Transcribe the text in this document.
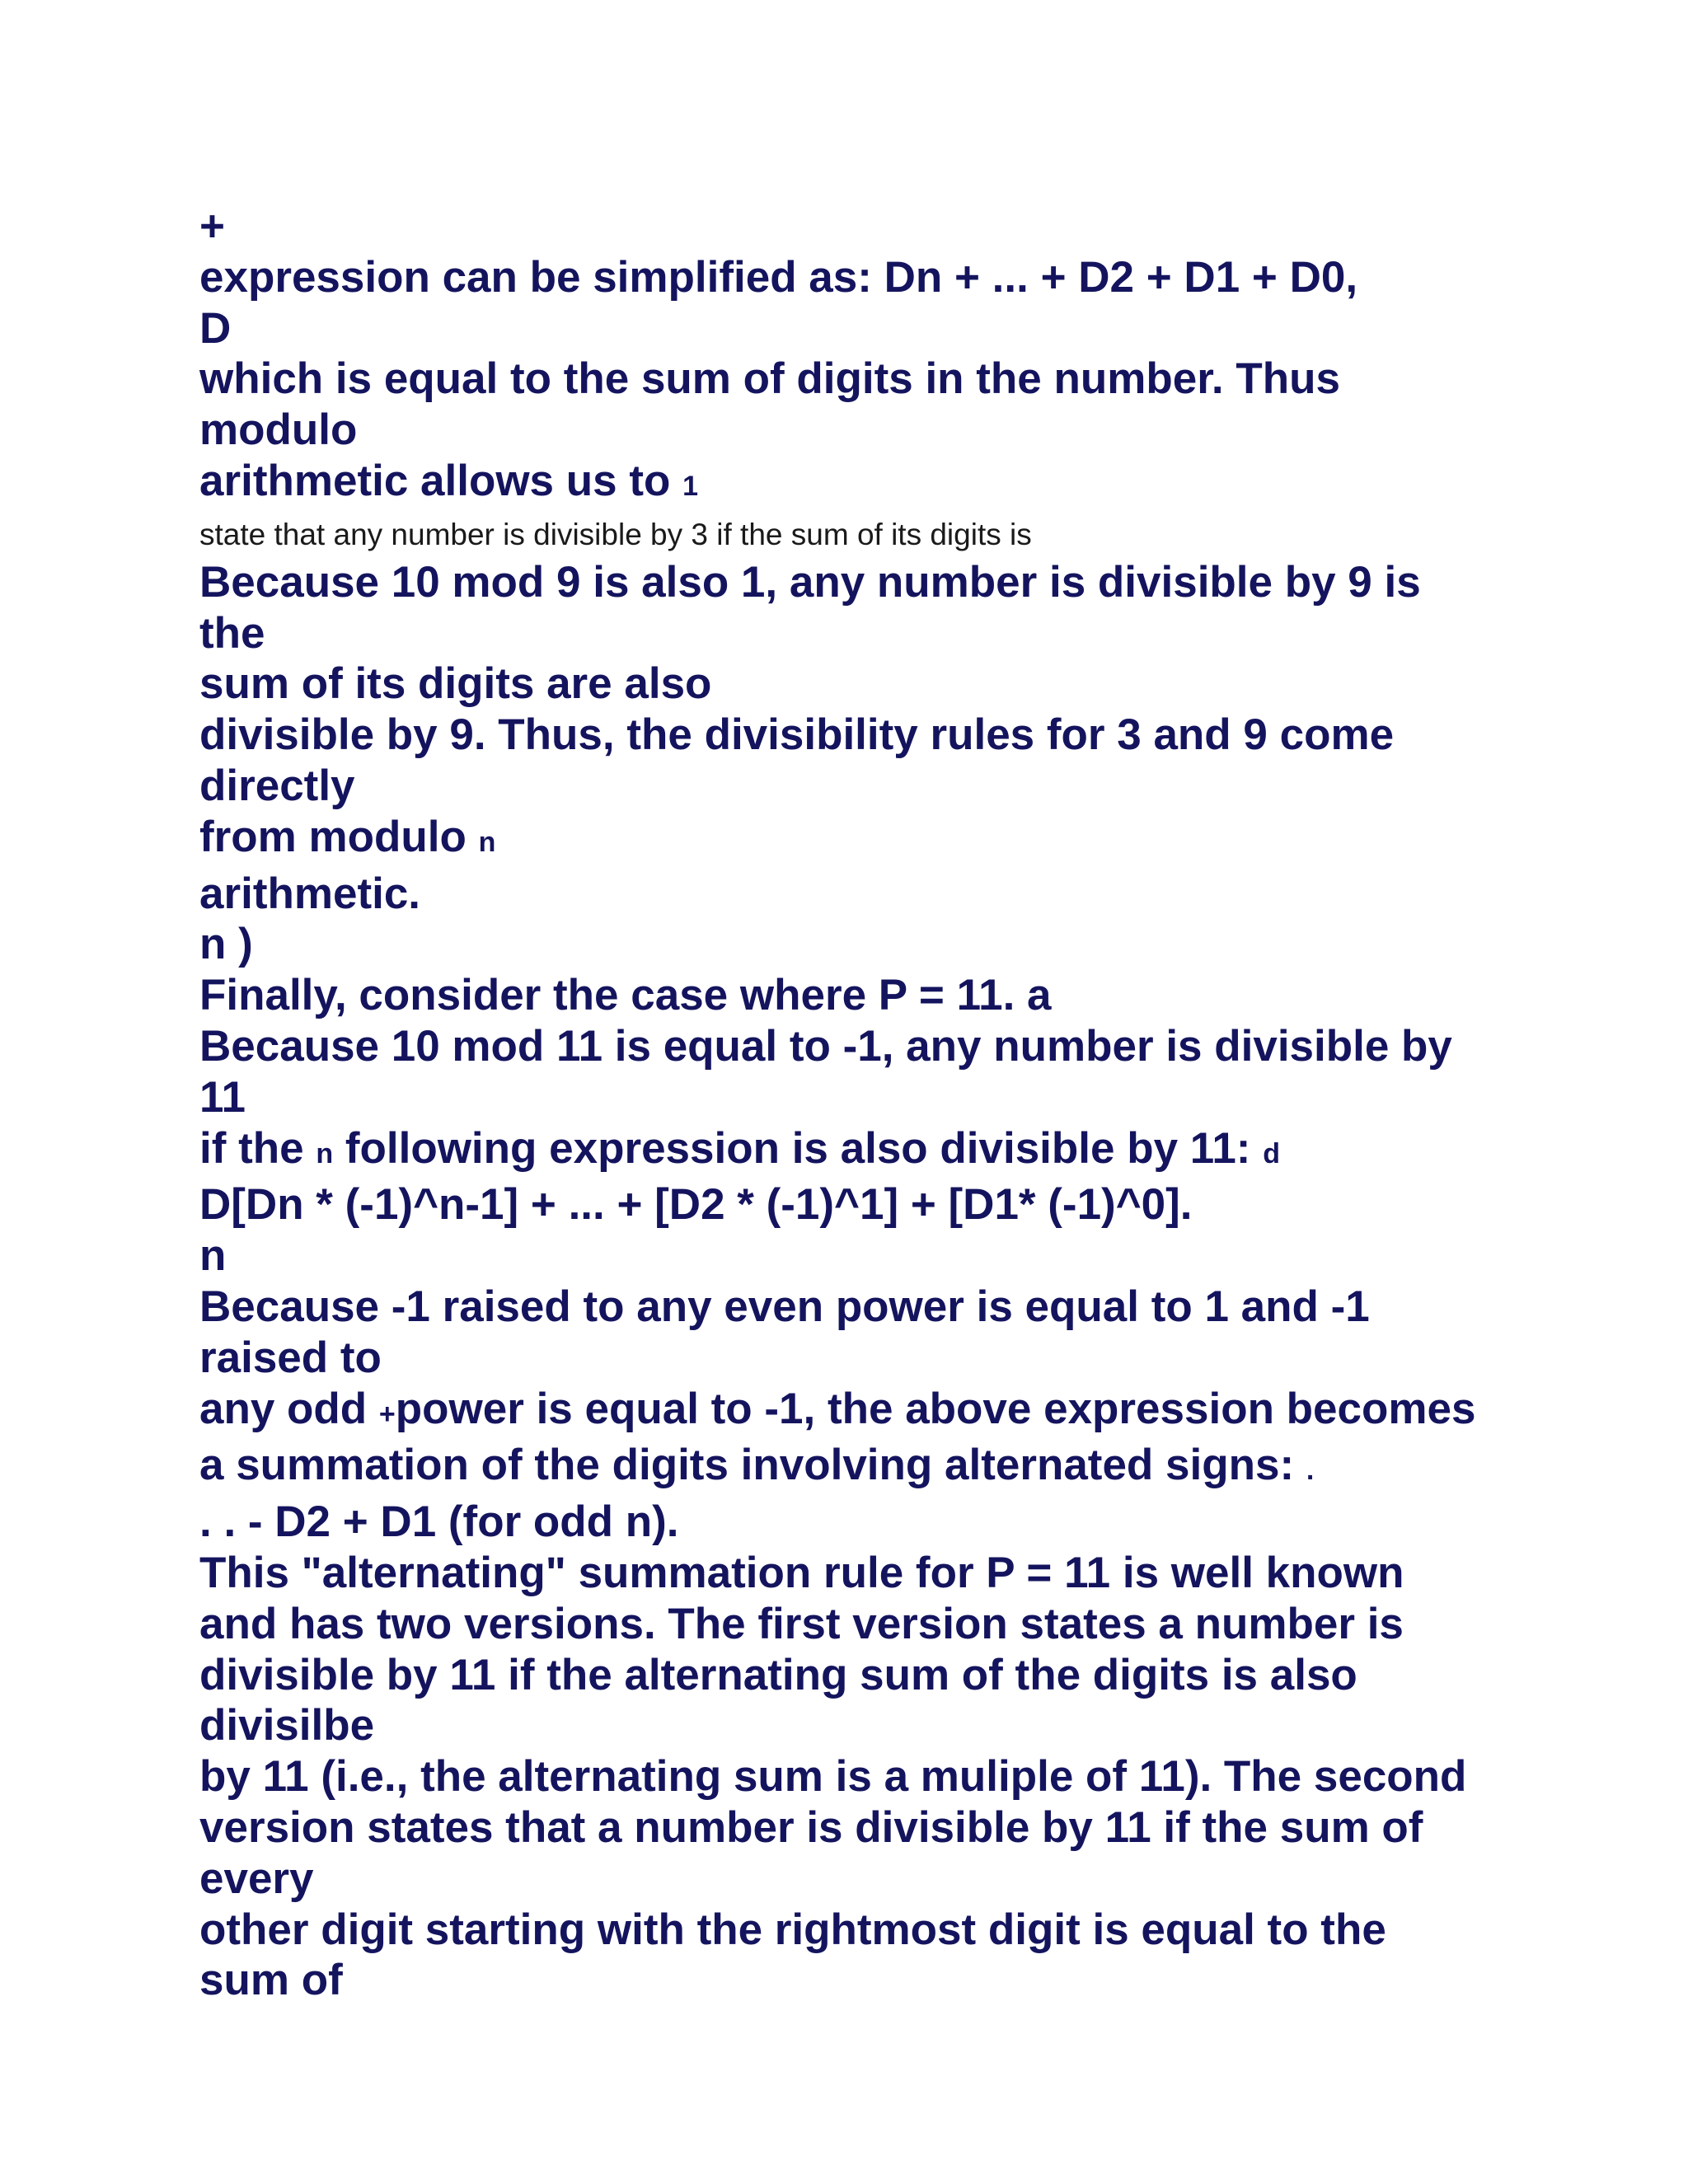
+
expression can be simplified as: Dn + ... + D2 + D1 + D0,
D
which is equal to the sum of digits in the number. Thus
modulo
arithmetic allows us to 1
state that any number is divisible by 3 if the sum of its digits is
Because 10 mod 9 is also 1, any number is divisible by 9 is
the
sum of its digits are also
divisible by 9. Thus, the divisibility rules for 3 and 9 come
directly
from modulo n
arithmetic.
n )
Finally, consider the case where P = 11. a
Because 10 mod 11 is equal to -1, any number is divisible by
11
if the n following expression is also divisible by 11: d
D[Dn * (-1)^n-1] + ... + [D2 * (-1)^1] + [D1* (-1)^0].
n
Because -1 raised to any even power is equal to 1 and -1
raised to
any odd +power is equal to -1, the above expression becomes
a summation of the digits involving alternated signs: .
. . - D2 + D1 (for odd n).
This "alternating" summation rule for P = 11 is well known
and has two versions. The first version states a number is
divisible by 11 if the alternating sum of the digits is also
divisilbe
by 11 (i.e., the alternating sum is a muliple of 11). The second
version states that a number is divisible by 11 if the sum of
every
other digit starting with the rightmost digit is equal to the
sum of
